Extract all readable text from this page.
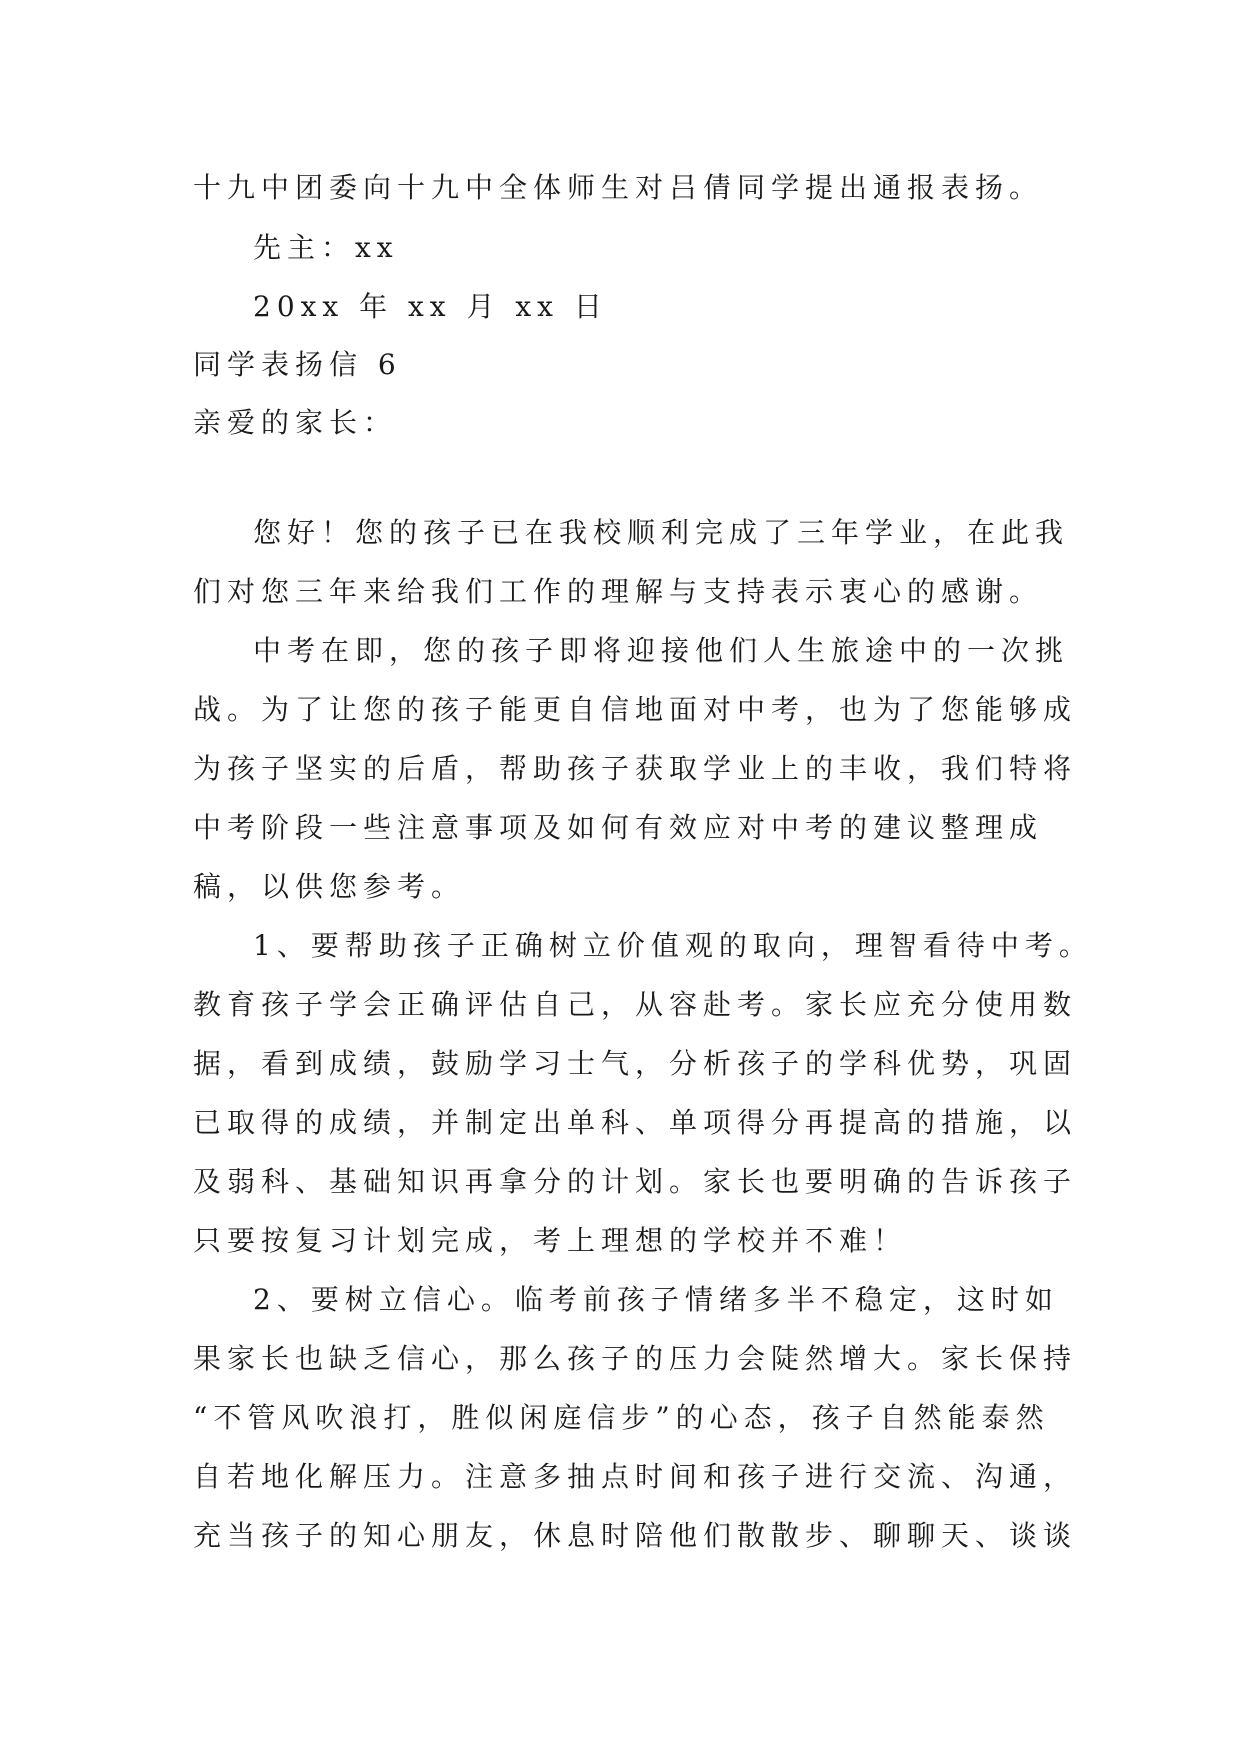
十九中团委向十九中全体师生对吕倩同学提出通报表扬。
先主：xx
20xx 年 xx 月 xx 日
同学表扬信 6
亲爱的家长：
您好！您的孩子已在我校顺利完成了三年学业，在此我
们对您三年来给我们工作的理解与支持表示衷心的感谢。
中考在即，您的孩子即将迎接他们人生旅途中的一次挑
战。为了让您的孩子能更自信地面对中考，也为了您能够成
为孩子坚实的后盾，帮助孩子获取学业上的丰收，我们特将
中考阶段一些注意事项及如何有效应对中考的建议整理成
稿，以供您参考。
1、要帮助孩子正确树立价值观的取向，理智看待中考。
教育孩子学会正确评估自己，从容赴考。家长应充分使用数
据，看到成绩，鼓励学习士气，分析孩子的学科优势，巩固
已取得的成绩，并制定出单科、单项得分再提高的措施，以
及弱科、基础知识再拿分的计划。家长也要明确的告诉孩子
只要按复习计划完成，考上理想的学校并不难！
2、要树立信心。临考前孩子情绪多半不稳定，这时如
果家长也缺乏信心，那么孩子的压力会陡然增大。家长保持
“不管风吹浪打，胜似闲庭信步”的心态，孩子自然能泰然
自若地化解压力。注意多抽点时间和孩子进行交流、沟通，
充当孩子的知心朋友，休息时陪他们散散步、聊聊天、谈谈
